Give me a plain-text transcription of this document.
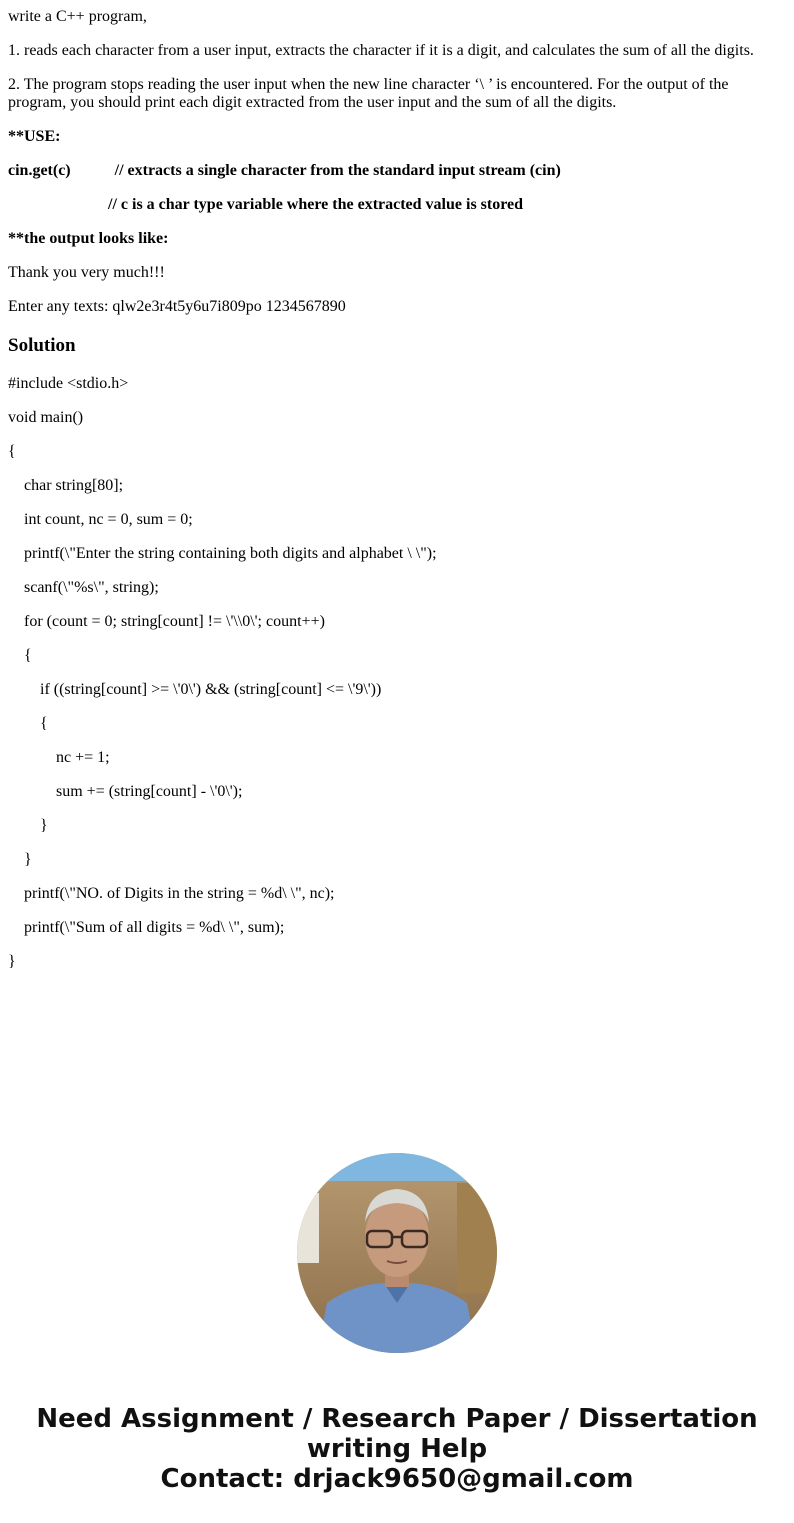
write a C++ program,
1. reads each character from a user input, extracts the character if it is a digit, and calculates the sum of all the digits.
2. The program stops reading the user input when the new line character ‘\ ’ is encountered. For the output of the program, you should print each digit extracted from the user input and the sum of all the digits.
**USE:
cin.get(c)           // extracts a single character from the standard input stream (cin)
// c is a char type variable where the extracted value is stored
**the output looks like:
Thank you very much!!!
Enter any texts: qlw2e3r4t5y6u7i809po 1234567890
Solution
#include <stdio.h>
void main()
{
char string[80];
int count, nc = 0, sum = 0;
printf(\"Enter the string containing both digits and alphabet \ \");
scanf(\"%s\", string);
for (count = 0; string[count] != \'\\0\'; count++)
{
if ((string[count] >= \'0\') && (string[count] <= \'9\'))
{
nc += 1;
sum += (string[count] - \'0\');
}
}
printf(\"NO. of Digits in the string = %d\ \", nc);
printf(\"Sum of all digits = %d\ \", sum);
}
Need Assignment / Research Paper / Dissertation
writing Help
Contact: drjack9650@gmail.com
